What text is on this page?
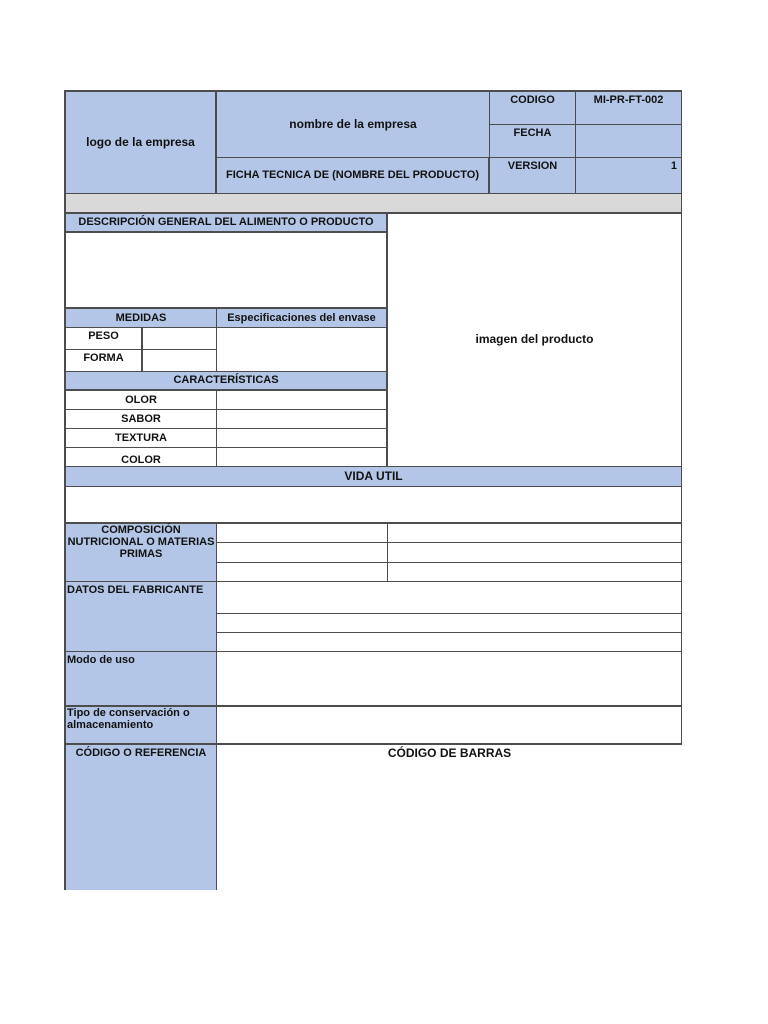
logo de la empresa
nombre de la empresa
FICHA TECNICA DE (NOMBRE DEL PRODUCTO)
CODIGO	MI-PR-FT-002
FECHA
VERSION	1
DESCRIPCIÓN GENERAL DEL ALIMENTO O PRODUCTO
imagen del producto
MEDIDAS	Especificaciones del envase
PESO
FORMA
CARACTERÍSTICAS
OLOR
SABOR
TEXTURA
COLOR
VIDA UTIL
COMPOSICIÓN NUTRICIONAL O MATERIAS PRIMAS
DATOS DEL FABRICANTE
Modo de uso
Tipo de conservación o almacenamiento
CÓDIGO O REFERENCIA	CÓDIGO DE BARRAS
